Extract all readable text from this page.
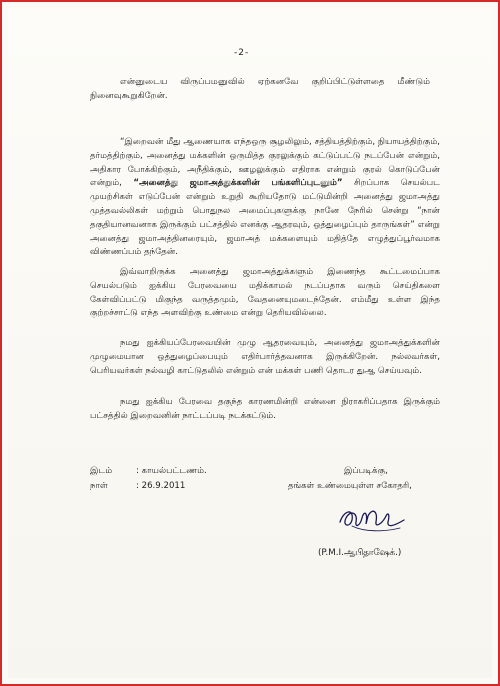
-2-

என்னுடைய விருப்பமனுவில் ஏற்கனவே குறிப்பிட்டுள்ளதை மீண்டும் நினைவுகூறுகிறேன்.

“இறைவன் மீது ஆணையாக எந்தஒரு சூழலிலும், சத்தியத்திற்கும், நியாயத்திற்கும், தர்மத்திற்கும், அனைத்து மக்களின் ஒருமித்த குரலுக்கும் கட்டுப்பட்டு நடப்பேன் என்றும், அதிகார போக்கிற்கும், அநீதிக்கும், ஊழலுக்கும் எதிராக என்றும் குரல் கொடுப்பேன் என்றும், “அனைத்து ஜமாஅத்துக்களின் பங்களிப்புடனும்” சிறப்பாக செயல்பட முயற்சிகள் எடுப்பேன் என்றும் உறுதி கூறியதோடு மட்டுமின்றி அனைத்து ஜமாஅத்து முத்தவல்லிகள் மற்றும் பொதுநல அமைப்புகளுக்கு நானே நேரில் சென்று “நான் தகுதியானவனாக இருக்கும் பட்சத்தில் எனக்கு ஆதரவும், ஒத்துழைப்பும் தாருங்கள்” என்று அனைத்து ஜமாஅத்தினரையும், ஜமாஅத் மக்களையும் மதித்தே எழுத்துப்பூர்வமாக விண்ணப்பம் தந்தேன்.

இவ்வாறிருக்க அனைத்து ஜமாஅத்துக்களும் இணைந்த கூட்டமைப்பாக செயல்படும் ஐக்கிய பேரவையை மதிக்காமல் நடப்பதாக வரும் செய்திகளை கேள்விப்பட்டு மிகுந்த வருத்தமும், வேதனையுமடைந்தேன். எம்மீது உள்ள இந்த குற்றச்சாட்டு எந்த அளவிற்கு உண்மை என்று தெரியவில்லை.

நமது ஐக்கியப்பேரவையின் முழு ஆதரவையும், அனைத்து ஜமாஅத்துக்களின் முழுமையான ஒத்துழைப்பையும் எதிர்பார்த்தவனாக இருக்கிறேன். நல்லவர்கள், பெரியவர்கள் நல்வழி காட்டுதலில் என்றும் என் மக்கள் பணி தொடர துஆ செய்யவும்.

நமது ஐக்கிய பேரவை தகுந்த காரணமின்றி என்னை நிராகரிப்பதாக இருக்கும் பட்சத்தில் இறைவனின் நாட்டப்படி நடக்கட்டும்.

இடம்	: காயல்பட்டணம்.
நாள்	: 26.9.2011
இப்படிக்கு,
தங்கள் உண்மையுள்ள சகோதரி,
(P.M.I.ஆபிதாஷேக்.)
